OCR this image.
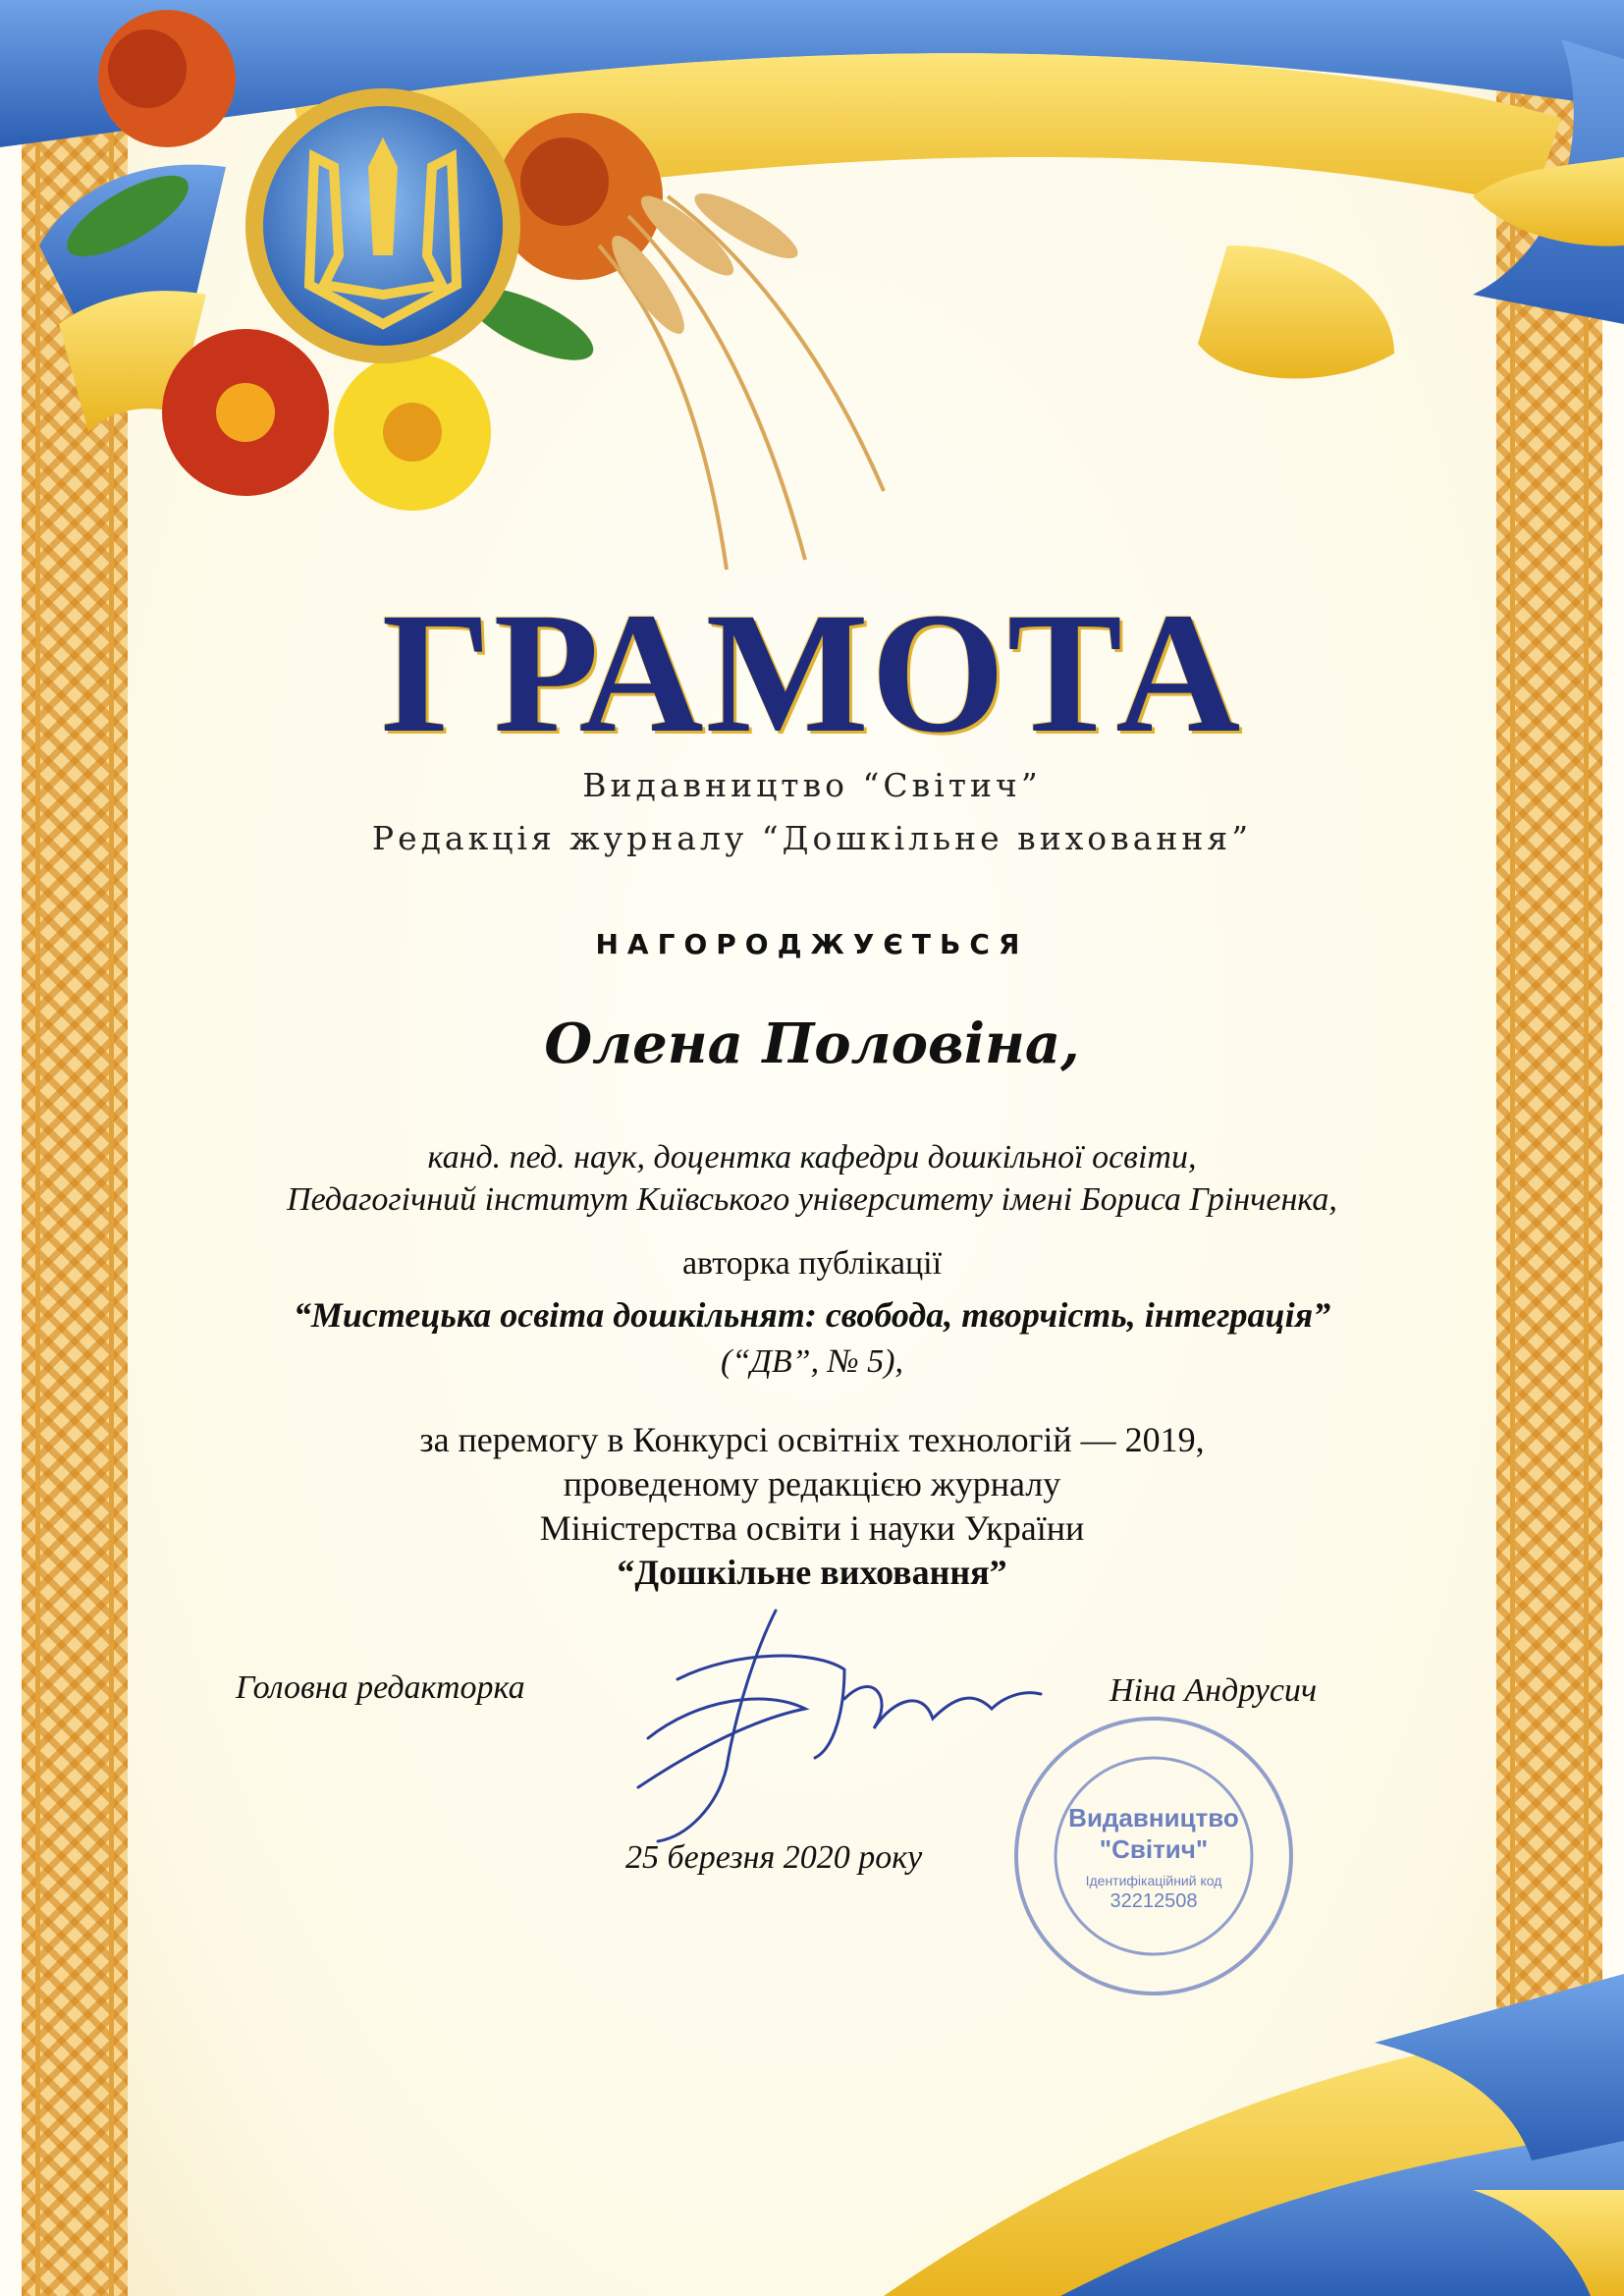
ГРАМОТА
Видавництво “Світич”
Редакція журналу “Дошкільне виховання”
НАГОРОДЖУЄТЬСЯ
Олена Половіна,
канд. пед. наук, доцентка кафедри дошкільної освіти,
Педагогічний інститут Київського університету імені Бориса Грінченка,
авторка публікації
“Мистецька освіта дошкільнят: свобода, творчість, інтеграція”
(“ДВ”, № 5),
за перемогу в Конкурсі освітніх технологій — 2019,
проведеному редакцією журналу
Міністерства освіти і науки України
“Дошкільне виховання”
Головна редакторка	Ніна Андрусич
25 березня 2020 року
Видавництво
"Світич"
Ідентифікаційний код
32212508
